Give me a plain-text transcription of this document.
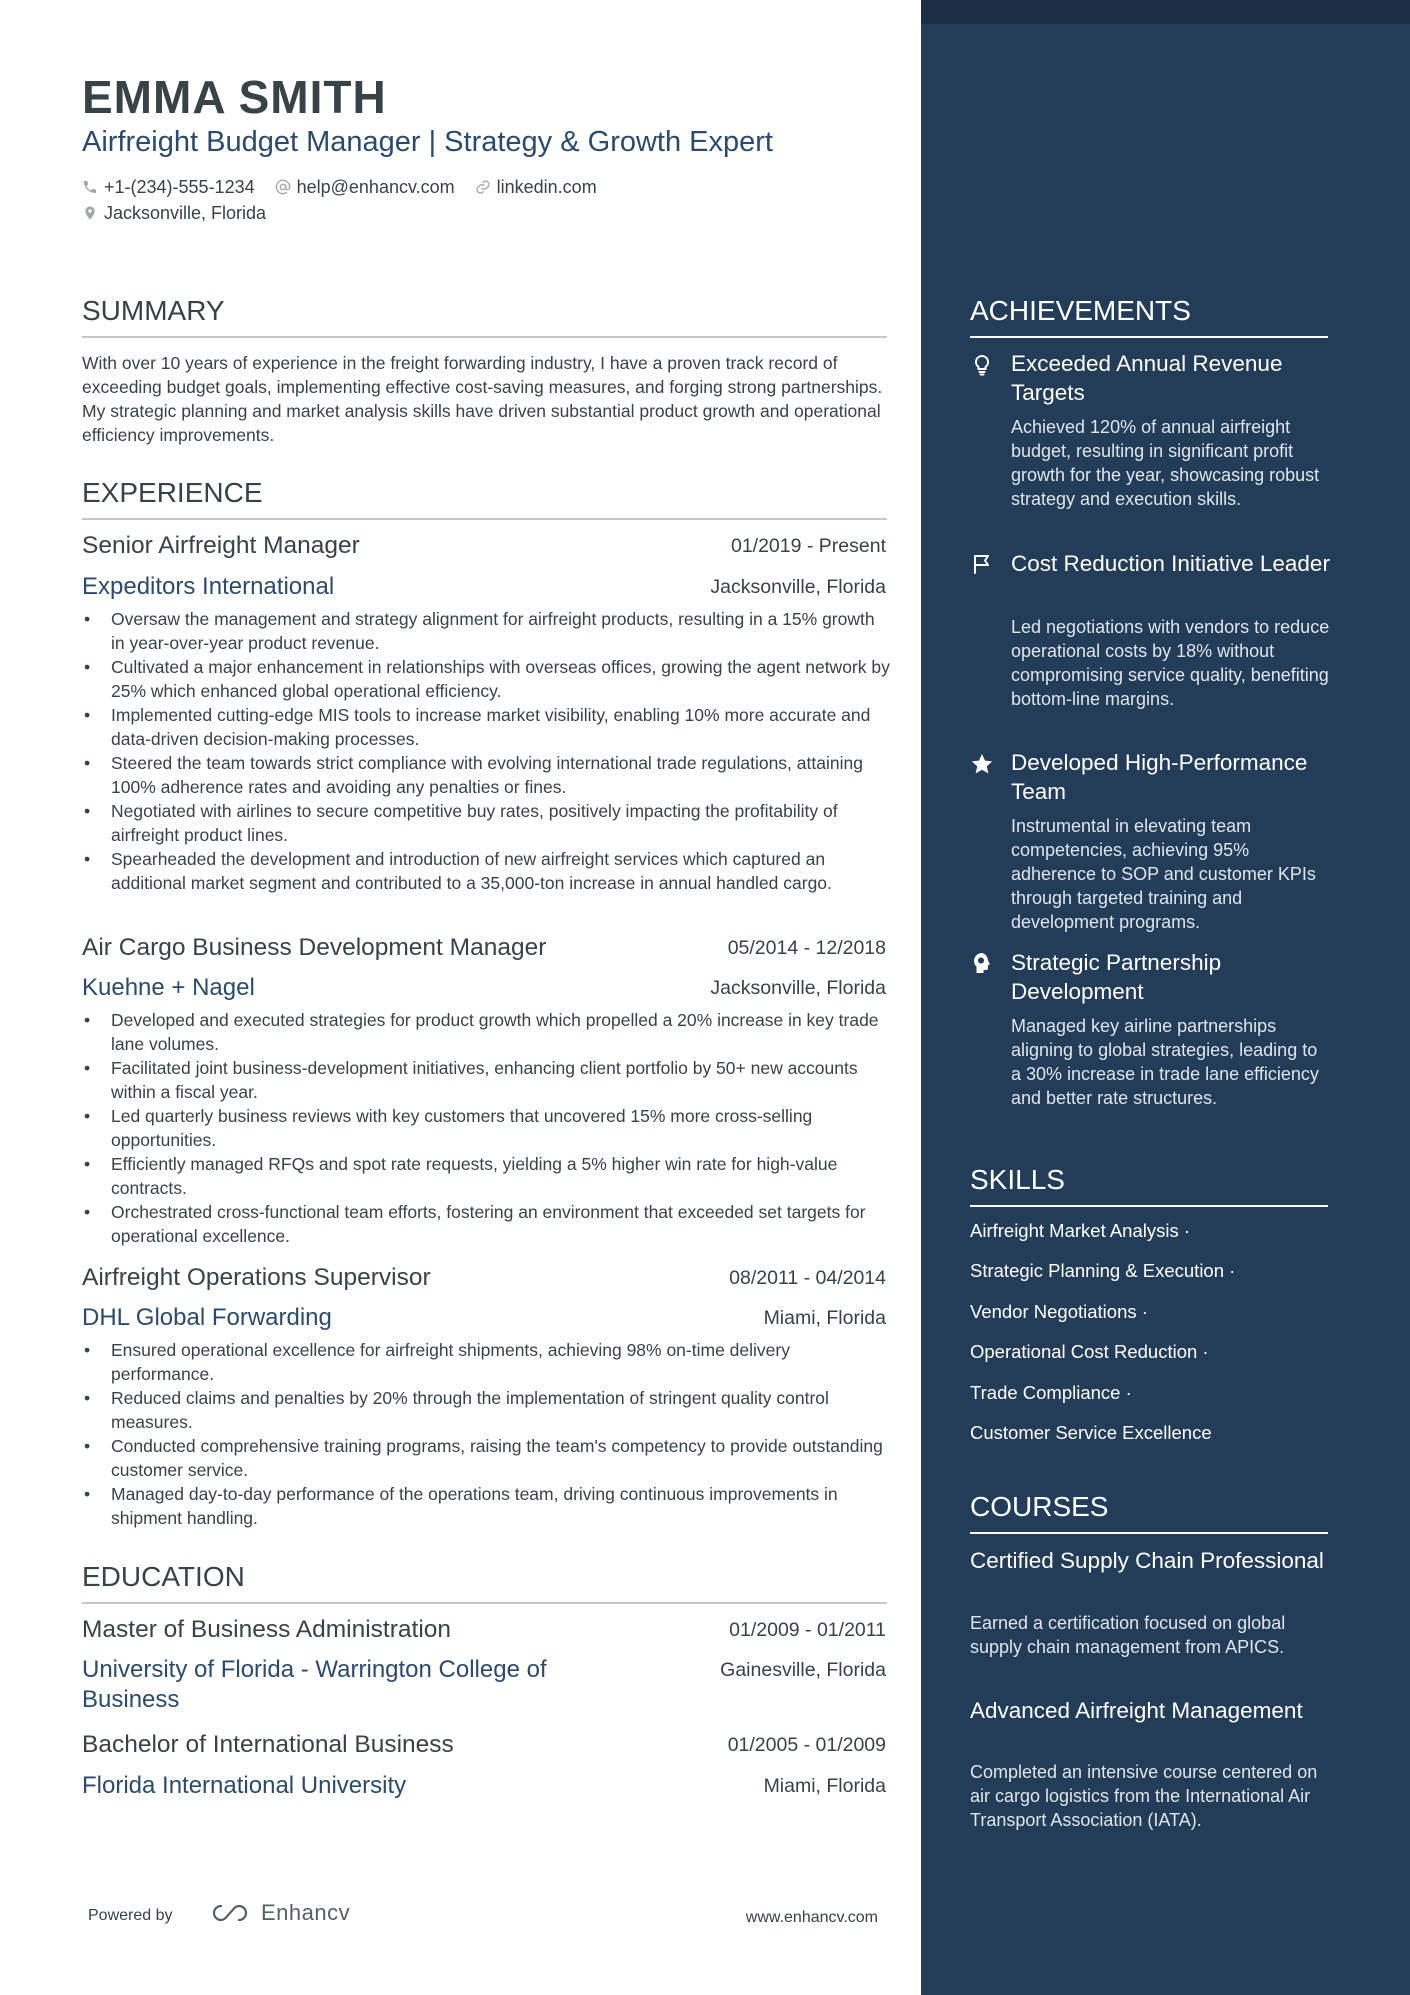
EMMA SMITH
Airfreight Budget Manager | Strategy & Growth Expert
+1-(234)-555-1234 help@enhancv.com linkedin.com
Jacksonville, Florida
SUMMARY
With over 10 years of experience in the freight forwarding industry, I have a proven track record of exceeding budget goals, implementing effective cost-saving measures, and forging strong partnerships. My strategic planning and market analysis skills have driven substantial product growth and operational efficiency improvements.
EXPERIENCE
Senior Airfreight Manager	01/2019 - Present
Expeditors International	Jacksonville, Florida
• Oversaw the management and strategy alignment for airfreight products, resulting in a 15% growth in year-over-year product revenue.
• Cultivated a major enhancement in relationships with overseas offices, growing the agent network by 25% which enhanced global operational efficiency.
• Implemented cutting-edge MIS tools to increase market visibility, enabling 10% more accurate and data-driven decision-making processes.
• Steered the team towards strict compliance with evolving international trade regulations, attaining 100% adherence rates and avoiding any penalties or fines.
• Negotiated with airlines to secure competitive buy rates, positively impacting the profitability of airfreight product lines.
• Spearheaded the development and introduction of new airfreight services which captured an additional market segment and contributed to a 35,000-ton increase in annual handled cargo.
Air Cargo Business Development Manager	05/2014 - 12/2018
Kuehne + Nagel	Jacksonville, Florida
• Developed and executed strategies for product growth which propelled a 20% increase in key trade lane volumes.
• Facilitated joint business-development initiatives, enhancing client portfolio by 50+ new accounts within a fiscal year.
• Led quarterly business reviews with key customers that uncovered 15% more cross-selling opportunities.
• Efficiently managed RFQs and spot rate requests, yielding a 5% higher win rate for high-value contracts.
• Orchestrated cross-functional team efforts, fostering an environment that exceeded set targets for operational excellence.
Airfreight Operations Supervisor	08/2011 - 04/2014
DHL Global Forwarding	Miami, Florida
• Ensured operational excellence for airfreight shipments, achieving 98% on-time delivery performance.
• Reduced claims and penalties by 20% through the implementation of stringent quality control measures.
• Conducted comprehensive training programs, raising the team's competency to provide outstanding customer service.
• Managed day-to-day performance of the operations team, driving continuous improvements in shipment handling.
EDUCATION
Master of Business Administration	01/2009 - 01/2011
University of Florida - Warrington College of Business
Gainesville, Florida
Bachelor of International Business	01/2005 - 01/2009
Florida International University	Miami, Florida
ACHIEVEMENTS
Exceeded Annual Revenue Targets
Achieved 120% of annual airfreight budget, resulting in significant profit growth for the year, showcasing robust strategy and execution skills.
Cost Reduction Initiative Leader
Led negotiations with vendors to reduce operational costs by 18% without compromising service quality, benefiting bottom-line margins.
Developed High-Performance Team
Instrumental in elevating team competencies, achieving 95% adherence to SOP and customer KPIs through targeted training and development programs.
Strategic Partnership Development
Managed key airline partnerships aligning to global strategies, leading to a 30% increase in trade lane efficiency and better rate structures.
SKILLS
Airfreight Market Analysis ·
Strategic Planning & Execution ·
Vendor Negotiations ·
Operational Cost Reduction ·
Trade Compliance ·
Customer Service Excellence
COURSES
Certified Supply Chain Professional
Earned a certification focused on global supply chain management from APICS.
Advanced Airfreight Management
Completed an intensive course centered on air cargo logistics from the International Air Transport Association (IATA).
Powered by	Enhancv	www.enhancv.com
